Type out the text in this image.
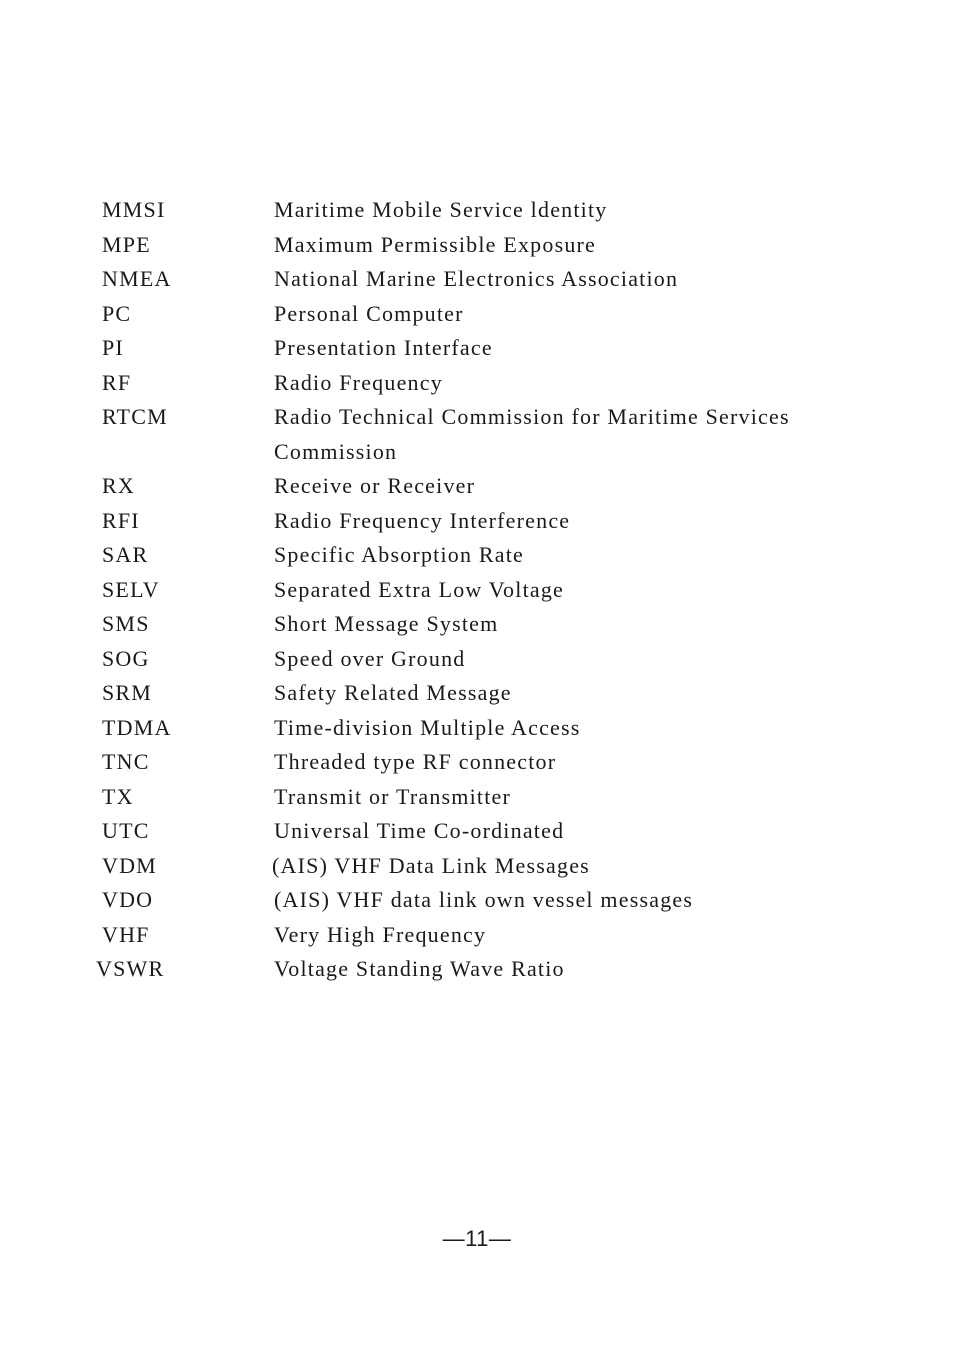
MMSI	Maritime Mobile Service ldentity
MPE	Maximum Permissible Exposure
NMEA	National Marine Electronics Association
PC	Personal Computer
PI	Presentation Interface
RF	Radio Frequency
RTCM	Radio Technical Commission for Maritime Services Commission
RX	Receive or Receiver
RFI	Radio Frequency Interference
SAR	Specific Absorption Rate
SELV	Separated Extra Low Voltage
SMS	Short Message System
SOG	Speed over Ground
SRM	Safety Related Message
TDMA	Time-division Multiple Access
TNC	Threaded type RF connector
TX	Transmit or Transmitter
UTC	Universal Time Co-ordinated
VDM	(AIS) VHF Data Link Messages
VDO	(AIS) VHF data link own vessel messages
VHF	Very High Frequency
VSWR	Voltage Standing Wave Ratio
—11—
